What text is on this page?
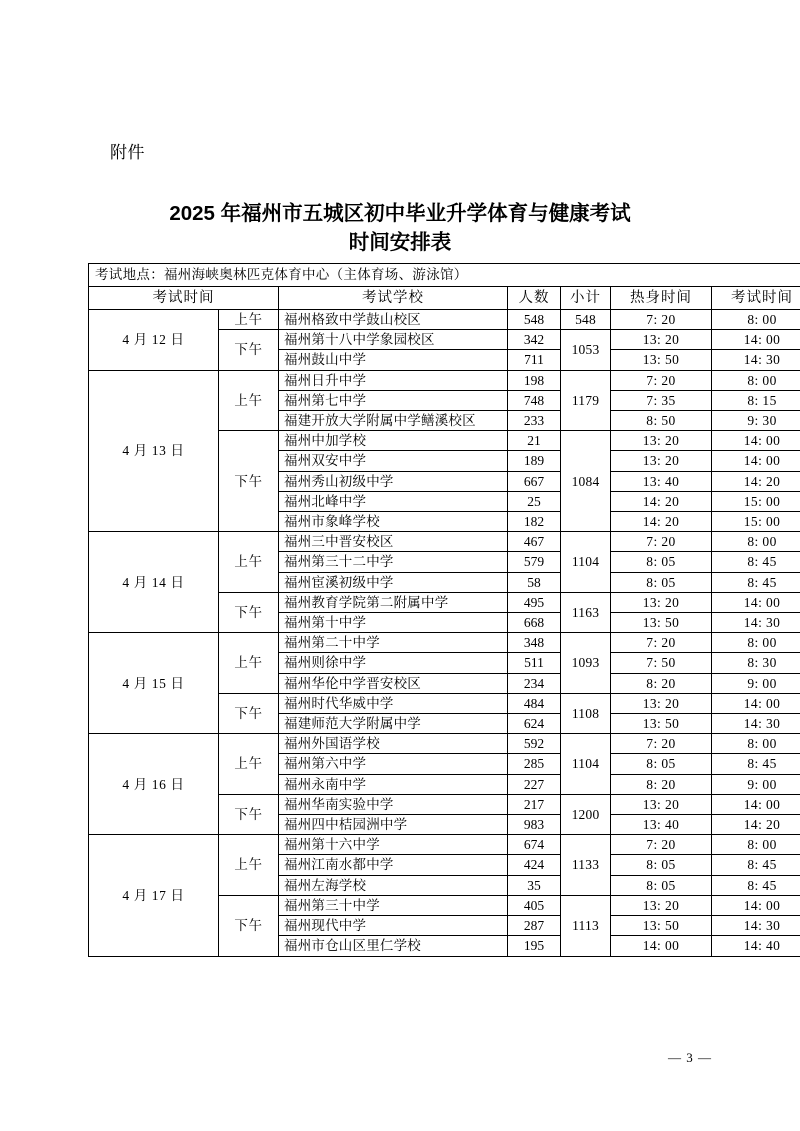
附件
2025 年福州市五城区初中毕业升学体育与健康考试
时间安排表
考试地点：福州海峡奥林匹克体育中心（主体育场、游泳馆）						
考试时间		考试学校	人数	小计	热身时间	考试时间
4 月 12 日	上午	福州格致中学鼓山校区	548	548	7: 20	8: 00
	下午	福州第十八中学象园校区	342	1053	13: 20	14: 00
		福州鼓山中学	711		13: 50	14: 30
4 月 13 日	上午	福州日升中学	198	1179	7: 20	8: 00
		福州第七中学	748		7: 35	8: 15
		福建开放大学附属中学鳝溪校区	233		8: 50	9: 30
	下午	福州中加学校	21	1084	13: 20	14: 00
		福州双安中学	189		13: 20	14: 00
		福州秀山初级中学	667		13: 40	14: 20
		福州北峰中学	25		14: 20	15: 00
		福州市象峰学校	182		14: 20	15: 00
4 月 14 日	上午	福州三中晋安校区	467	1104	7: 20	8: 00
		福州第三十二中学	579		8: 05	8: 45
		福州宦溪初级中学	58		8: 05	8: 45
	下午	福州教育学院第二附属中学	495	1163	13: 20	14: 00
		福州第十中学	668		13: 50	14: 30
4 月 15 日	上午	福州第二十中学	348	1093	7: 20	8: 00
		福州则徐中学	511		7: 50	8: 30
		福州华伦中学晋安校区	234		8: 20	9: 00
	下午	福州时代华威中学	484	1108	13: 20	14: 00
		福建师范大学附属中学	624		13: 50	14: 30
4 月 16 日	上午	福州外国语学校	592	1104	7: 20	8: 00
		福州第六中学	285		8: 05	8: 45
		福州永南中学	227		8: 20	9: 00
	下午	福州华南实验中学	217	1200	13: 20	14: 00
		福州四中桔园洲中学	983		13: 40	14: 20
4 月 17 日	上午	福州第十六中学	674	1133	7: 20	8: 00
		福州江南水都中学	424		8: 05	8: 45
		福州左海学校	35		8: 05	8: 45
	下午	福州第三十中学	405	1113	13: 20	14: 00
		福州现代中学	287		13: 50	14: 30
		福州市仓山区里仁学校	195		14: 00	14: 40
— 3 —
